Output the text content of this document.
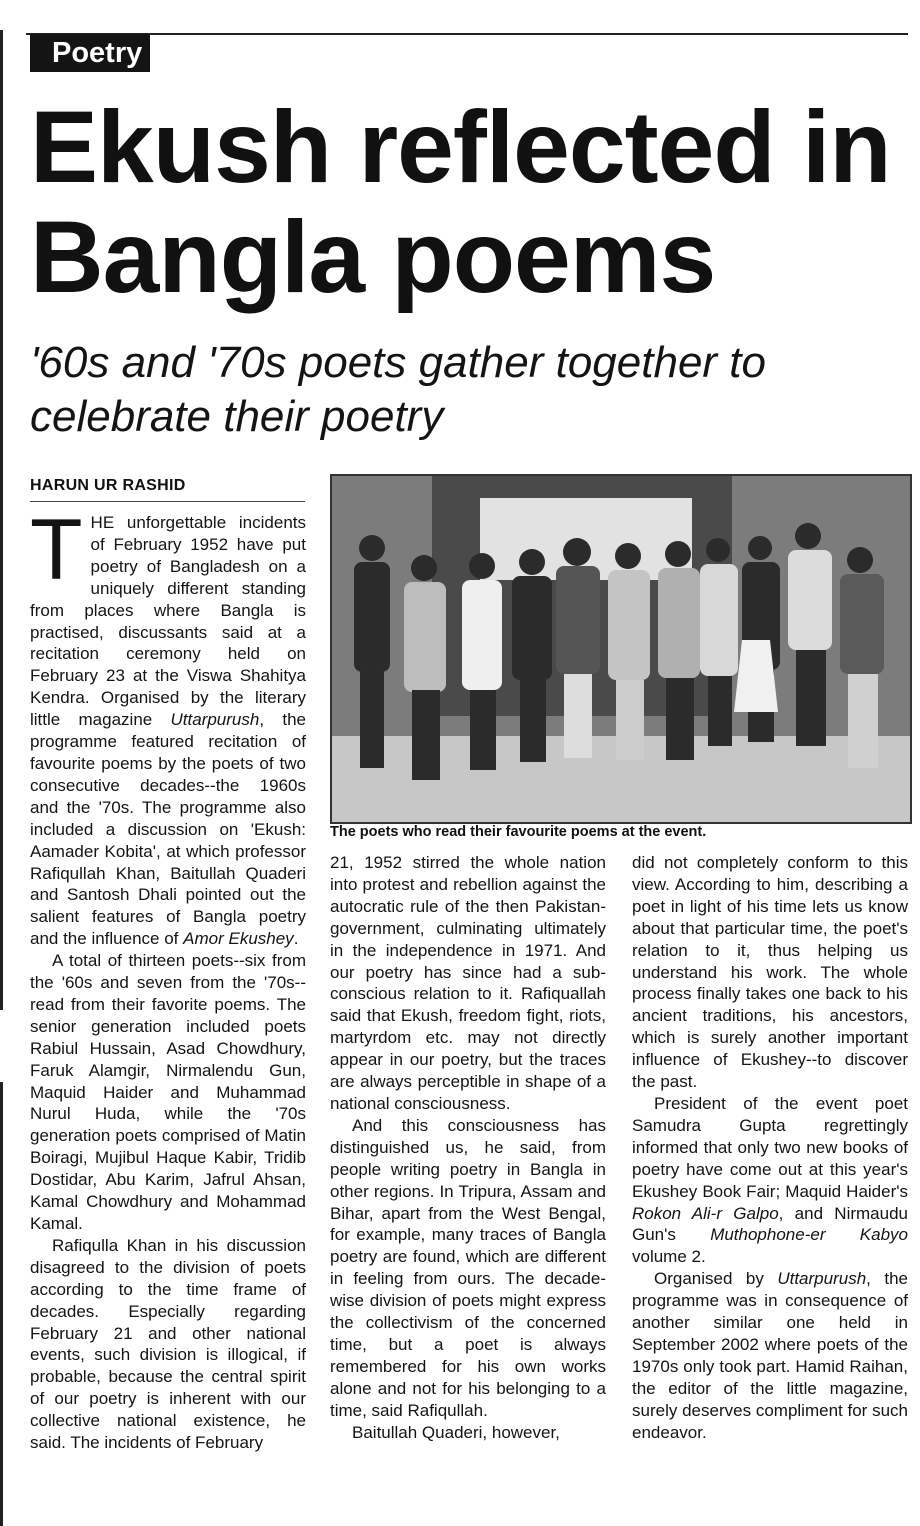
Poetry
Ekush reflected in Bangla poems
'60s and '70s poets gather together to celebrate their poetry
HARUN UR RASHID

THE unforgettable incidents of February 1952 have put poetry of Bangladesh on a uniquely different standing from places where Bangla is practised, discussants said at a recitation ceremony held on February 23 at the Viswa Shahitya Kendra. Organised by the literary little magazine Uttarpurush, the programme featured recitation of favourite poems by the poets of two consecutive decades--the 1960s and the '70s. The programme also included a discussion on 'Ekush: Aamader Kobita', at which professor Rafiqullah Khan, Baitullah Quaderi and Santosh Dhali pointed out the salient features of Bangla poetry and the influence of Amor Ekushey.

A total of thirteen poets--six from the '60s and seven from the '70s--read from their favorite poems. The senior generation included poets Rabiul Hussain, Asad Chowdhury, Faruk Alamgir, Nirmalendu Gun, Maquid Haider and Muhammad Nurul Huda, while the '70s generation poets comprised of Matin Boiragi, Mujibul Haque Kabir, Tridib Dostidar, Abu Karim, Jafrul Ahsan, Kamal Chowdhury and Mohammad Kamal.

Rafiqulla Khan in his discussion disagreed to the division of poets according to the time frame of decades. Especially regarding February 21 and other national events, such division is illogical, if probable, because the central spirit of our poetry is inherent with our collective national existence, he said. The incidents of February

The poets who read their favourite poems at the event.

21, 1952 stirred the whole nation into protest and rebellion against the autocratic rule of the then Pakistan-government, culminating ultimately in the independence in 1971. And our poetry has since had a sub-conscious relation to it. Rafiquallah said that Ekush, freedom fight, riots, martyrdom etc. may not directly appear in our poetry, but the traces are always perceptible in shape of a national consciousness.

And this consciousness has distinguished us, he said, from people writing poetry in Bangla in other regions. In Tripura, Assam and Bihar, apart from the West Bengal, for example, many traces of Bangla poetry are found, which are different in feeling from ours. The decade-wise division of poets might express the collectivism of the concerned time, but a poet is always remembered for his own works alone and not for his belonging to a time, said Rafiqullah.

Baitullah Quaderi, however,

did not completely conform to this view. According to him, describing a poet in light of his time lets us know about that particular time, the poet's relation to it, thus helping us understand his work. The whole process finally takes one back to his ancient traditions, his ancestors, which is surely another important influence of Ekushey--to discover the past.

President of the event poet Samudra Gupta regrettingly informed that only two new books of poetry have come out at this year's Ekushey Book Fair; Maquid Haider's Rokon Ali-r Galpo, and Nirmaudu Gun's Muthophone-er Kabyo volume 2.

Organised by Uttarpurush, the programme was in consequence of another similar one held in September 2002 where poets of the 1970s only took part. Hamid Raihan, the editor of the little magazine, surely deserves compliment for such endeavor.
